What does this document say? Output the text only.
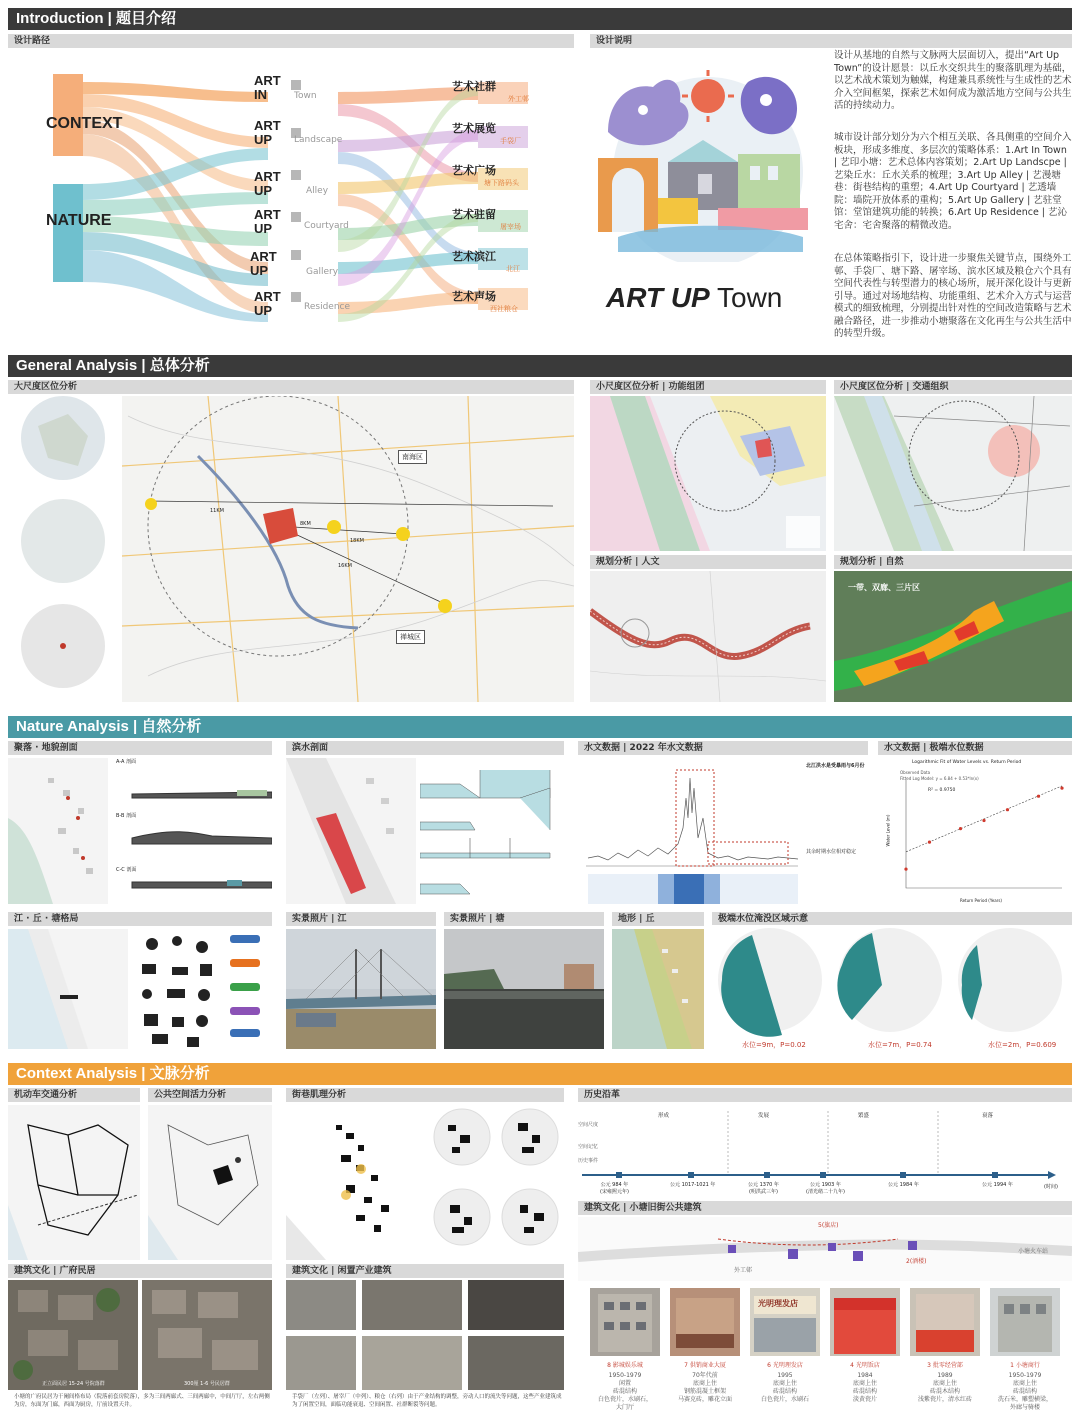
Introduction | 题目介绍
设计路径	设计说明
CONTEXT
NATURE
ART
IN	Town
ART
UP	Landscape
ART
UP	Alley
ART
UP	Courtyard
ART
UP	Gallery
ART
UP	Residence
艺术社群
外工邨
艺术展览
手袋厂
艺术广场
塘下路码头
艺术驻留
屠宰场
艺术滨江
北江
艺术声场
西社粮仓	ART UP Town
设计从基地的自然与文脉两大层面切入，提出“Art Up Town”的设计愿景：以丘水交织共生的聚落肌理为基础，以艺术战术策划为触媒，构建兼具系统性与生成性的艺术介入空间框架，探索艺术如何成为激活地方空间与公共生活的持续动力。
城市设计部分划分为六个相互关联、各具侧重的空间介入板块，形成多维度、多层次的策略体系：1.Art In Town | 艺印小塘：艺术总体内容策划；2.Art Up Landscpe | 艺染丘水：丘水关系的梳理；3.Art Up Alley | 艺漫塘巷：街巷结构的重塑；4.Art Up Courtyard | 艺透墙院：墙院开放体系的重构；5.Art Up Gallery | 艺驻堂馆：堂馆建筑功能的转换；6.Art Up Residence | 艺沁宅舍：宅舍聚落的精微改造。
在总体策略指引下，设计进一步聚焦关键节点，围绕外工邨、手袋厂、塘下路、屠宰场、滨水区域及粮仓六个具有空间代表性与转型潜力的核心场所，展开深化设计与更新引导。通过对场地结构、功能重组、艺术介入方式与运营模式的细致梳理，分别提出针对性的空间改造策略与艺术融合路径，进一步推动小塘聚落在文化再生与公共生活中的转型升级。
General Analysis | 总体分析
大尺度区位分析	小尺度区位分析 | 功能组团	小尺度区位分析 | 交通组织
南海区
禅城区
11KM
8KM
16KM
18KM
规划分析 | 人文	规划分析 | 自然
一带、双廊、三片区
Nature Analysis | 自然分析
聚落 · 地貌剖面	滨水剖面	水文数据 | 2022 年水文数据	水文数据 | 极端水位数据
A-A 剖面
B-B 剖面
C-C 剖面
北江洪水是受暴雨与6月份
其余时期水位相对稳定
Logarithmic Fit of Water Levels vs. Return Period
Observed Data
Fitted Log Model: y = 6.84 + 0.53*ln(x)
R² = 0.9750
Return Period (Years)
Water Level (m)
江 · 丘 · 塘格局	实景照片 | 江	实景照片 | 塘	地形 | 丘	极端水位淹没区域示意
水位=9m，P=0.02	水位=7m，P=0.74	水位=2m，P=0.609
Context Analysis | 文脉分析
机动车交通分析	公共空间活力分析	街巷肌理分析	历史沿革
空间尺度
空间记忆
历史事件
形成	发展	繁盛	衰落
公元 984 年
(宋雍熙元年)
公元 1017-1021 年	公元 1370 年
(明洪武三年)
公元 1903 年
(清光绪二十九年)
公元 1984 年	公元 1994 年	(时间)
建筑文化 | 小塘旧街公共建筑
外工邨
小塘火车站
5(旗店)
2(酒楼)
光明理发店
8 影城娱乐城
1950-1979
闲置
砖混结构
白色瓷片，水刷石，
大门厅
7 供销商业大厦
70年代前
底商上住
钢筋混凝土框架
马赛克砖，雕花立面
6 光明理发店
1995
底商上住
砖混结构
白色瓷片，水刷石
4 光明饭店
1984
底商上住
砖混结构
淡黄瓷片
3 批零经营部
1989
底商上住
砖混木结构
浅紫瓷片，清水红砖
1 小塘商行
1950-1979
底商上住
砖混结构
洗石米，雕塑横梁，
外廊与骑楼
建筑文化 | 广府民居	建筑文化 | 闲置产业建筑
正立面民居 15-24 号院落群	300厘 1-6 号民居群
小塘的广府民居为干阑间格布局（院落前套房院落），多为三间两廊式、三间两廊中，中间厅厅，左右两侧为房，东面为门廊，西面为厨房，厅前设置天井。
手袋厂（左列）、屠宰厂（中列）、粮仓（右列）由于产业结构的调整，旁动人口的流失等问题，这些产业建筑成为了闲置空间，面临功能衰退、空间闲置、社群断裂等问题。
